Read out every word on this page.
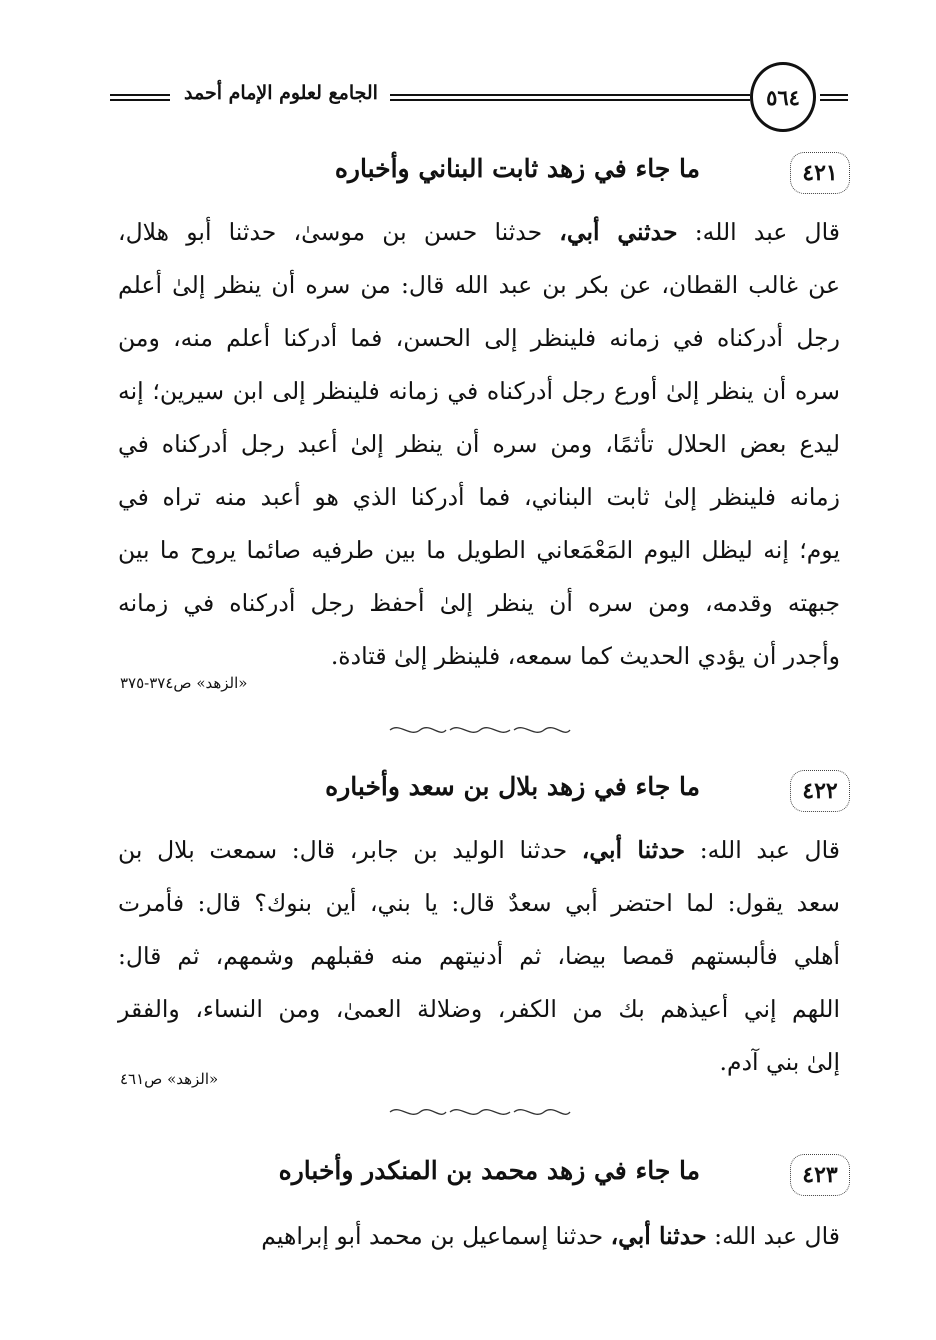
الجامع لعلوم الإمام أحمد	٥٦٤
٤٢١
ما جاء في زهد ثابت البناني وأخباره
قال عبد الله: حدثني أبي، حدثنا حسن بن موسىٰ، حدثنا أبو هلال،
عن غالب القطان، عن بكر بن عبد الله قال: من سره أن ينظر إلىٰ أعلم
رجل أدركناه في زمانه فلينظر إلى الحسن، فما أدركنا أعلم منه، ومن
سره أن ينظر إلىٰ أورع رجل أدركناه في زمانه فلينظر إلى ابن سيرين؛ إنه
ليدع بعض الحلال تأثمًا، ومن سره أن ينظر إلىٰ أعبد رجل أدركناه في
زمانه فلينظر إلىٰ ثابت البناني، فما أدركنا الذي هو أعبد منه تراه في
يوم؛ إنه ليظل اليوم المَعْمَعاني الطويل ما بين طرفيه صائما يروح ما بين
جبهته وقدمه، ومن سره أن ينظر إلىٰ أحفظ رجل أدركناه في زمانه
وأجدر أن يؤدي الحديث كما سمعه، فلينظر إلىٰ قتادة.
«الزهد» ص٣٧٤-٣٧٥
٤٢٢
ما جاء في زهد بلال بن سعد وأخباره
قال عبد الله: حدثنا أبي، حدثنا الوليد بن جابر، قال: سمعت بلال بن
سعد يقول: لما احتضر أبي سعدٌ قال: يا بني، أين بنوك؟ قال: فأمرت
أهلي فألبستهم قمصا بيضا، ثم أدنيتهم منه فقبلهم وشمهم، ثم قال:
اللهم إني أعيذهم بك من الكفر، وضلالة العمىٰ، ومن النساء، والفقر
إلىٰ بني آدم.
«الزهد» ص٤٦١
٤٢٣
ما جاء في زهد محمد بن المنكدر وأخباره
قال عبد الله: حدثنا أبي، حدثنا إسماعيل بن محمد أبو إبراهيم
